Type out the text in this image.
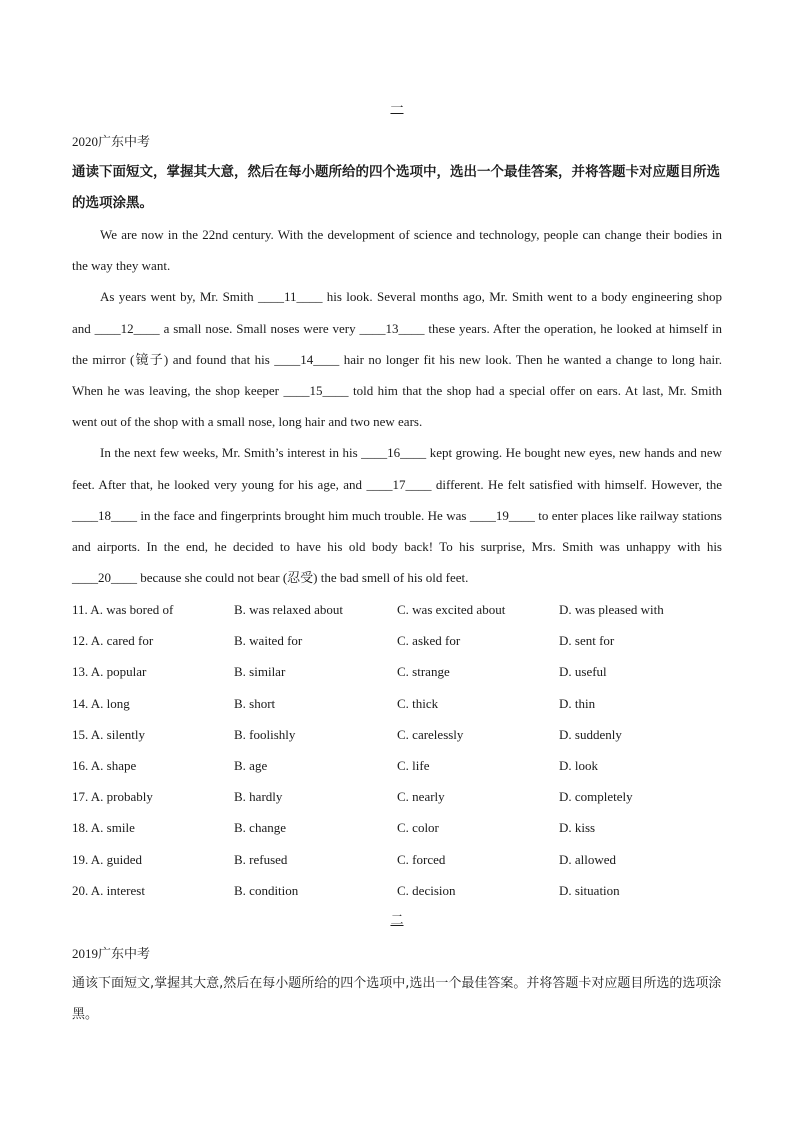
一
2020广东中考
通读下面短文，掌握其大意，然后在每小题所给的四个选项中，选出一个最佳答案，并将答题卡对应题目所选的选项涂黑。

We are now in the 22nd century. With the development of science and technology, people can change their bodies in the way they want.

As years went by, Mr. Smith ____11____ his look. Several months ago, Mr. Smith went to a body engineering shop and ____12____ a small nose. Small noses were very ____13____ these years. After the operation, he looked at himself in the mirror (镜子) and found that his ____14____ hair no longer fit his new look. Then he wanted a change to long hair. When he was leaving, the shop keeper ____15____ told him that the shop had a special offer on ears. At last, Mr. Smith went out of the shop with a small nose, long hair and two new ears.

In the next few weeks, Mr. Smith’s interest in his ____16____ kept growing. He bought new eyes, new hands and new feet. After that, he looked very young for his age, and ____17____ different. He felt satisfied with himself. However, the ____18____ in the face and fingerprints brought him much trouble. He was ____19____ to enter places like railway stations and airports. In the end, he decided to have his old body back! To his surprise, Mrs. Smith was unhappy with his ____20____ because she could not bear (忍受) the bad smell of his old feet.

11. A. was bored of	B. was relaxed about	C. was excited about	D. was pleased with
12. A. cared for	B. waited for	C. asked for	D. sent for
13. A. popular	B. similar	C. strange	D. useful
14. A. long	B. short	C. thick	D. thin
15. A. silently	B. foolishly	C. carelessly	D. suddenly
16. A. shape	B. age	C. life	D. look
17. A. probably	B. hardly	C. nearly	D. completely
18. A. smile	B. change	C. color	D. kiss
19. A. guided	B. refused	C. forced	D. allowed
20. A. interest	B. condition	C. decision	D. situation
二
2019广东中考
通该下面短文,掌握其大意,然后在每小题所给的四个选项中,选出一个最佳答案。并将答题卡对应题目所选的选项涂黑。
